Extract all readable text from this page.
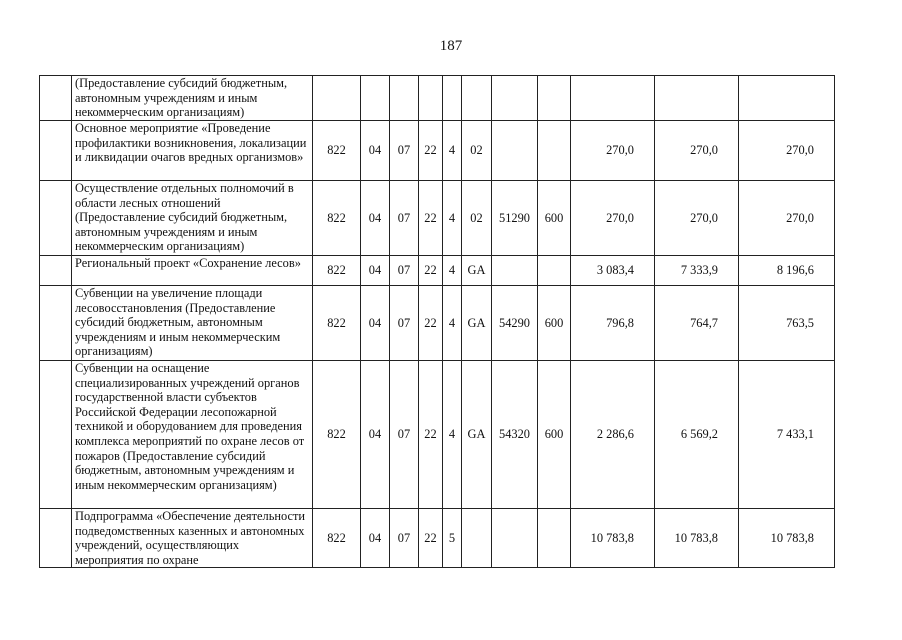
187
	(Предоставление субсидий бюджетным, автономным учреждениям и иным некоммерческим организациям)											
	Основное мероприятие «Проведение профилактики возникновения, локализации и ликвидации очагов вредных организмов»	822	04	07	22	4	02			270,0	270,0	270,0
	Осуществление отдельных полномочий в области лесных отношений (Предоставление субсидий бюджетным, автономным учреждениям и иным некоммерческим организациям)	822	04	07	22	4	02	51290	600	270,0	270,0	270,0
	Региональный проект «Сохранение лесов»	822	04	07	22	4	GA			3 083,4	7 333,9	8 196,6
	Субвенции на увеличение площади лесовосстановления (Предоставление субсидий бюджетным, автономным учреждениям и иным некоммерческим организациям)	822	04	07	22	4	GA	54290	600	796,8	764,7	763,5
	Субвенции на оснащение специализированных учреждений органов государственной власти субъектов Российской Федерации лесопожарной техникой и оборудованием для проведения комплекса мероприятий по охране лесов от пожаров (Предоставление субсидий бюджетным, автономным учреждениям и иным некоммерческим организациям)	822	04	07	22	4	GA	54320	600	2 286,6	6 569,2	7 433,1
	Подпрограмма «Обеспечение деятельности подведомственных казенных и автономных учреждений, осуществляющих мероприятия по охране	822	04	07	22	5				10 783,8	10 783,8	10 783,8
